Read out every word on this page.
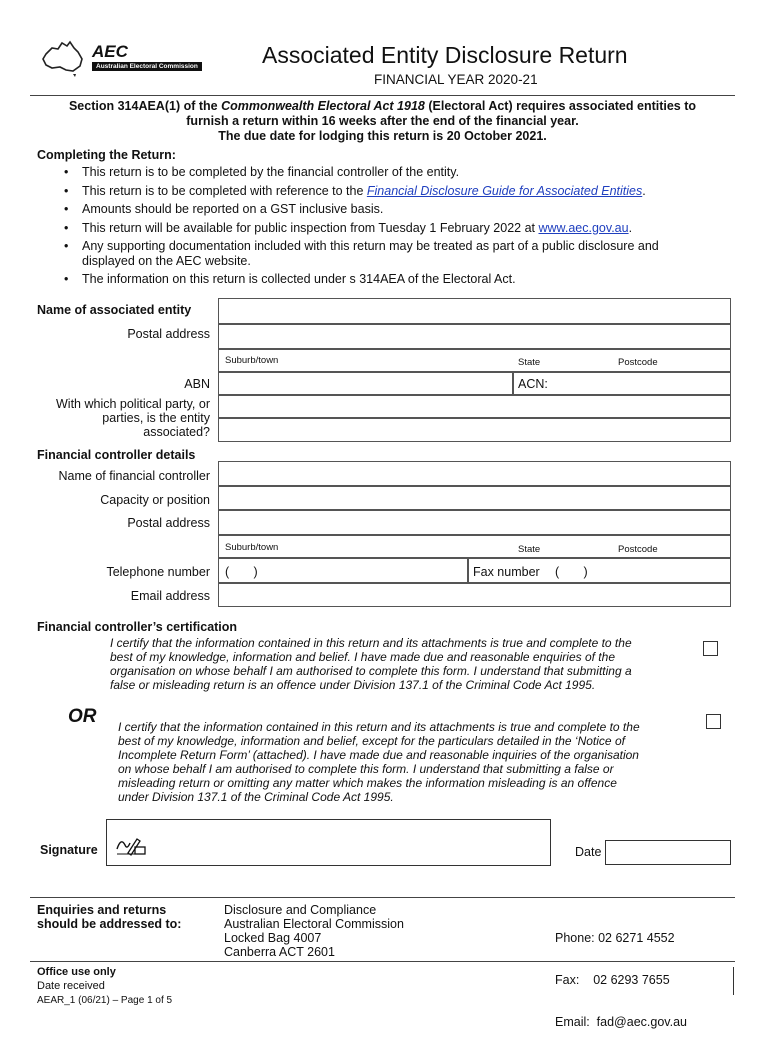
AEC
Australian Electoral Commission	Associated Entity Disclosure Return
FINANCIAL YEAR 2020-21
Section 314AEA(1) of the Commonwealth Electoral Act 1918 (Electoral Act) requires associated entities to
furnish a return within 16 weeks after the end of the financial year.
The due date for lodging this return is 20 October 2021.
Completing the Return:
• This return is to be completed by the financial controller of the entity.
• This return is to be completed with reference to the Financial Disclosure Guide for Associated Entities.
• Amounts should be reported on a GST inclusive basis.
• This return will be available for public inspection from Tuesday 1 February 2022 at www.aec.gov.au.
• Any supporting documentation included with this return may be treated as part of a public disclosure and
displayed on the AEC website.
• The information on this return is collected under s 314AEA of the Electoral Act.
Name of associated entity
Postal address
Suburb/town	State	Postcode
ABN	ACN:
With which political party, or
parties, is the entity
associated?
Financial controller details
Name of financial controller
Capacity or position
Postal address
Suburb/town	State	Postcode
Telephone number (       )	Fax number (       )
Email address
Financial controller’s certification
I certify that the information contained in this return and its attachments is true and complete to the
best of my knowledge, information and belief. I have made due and reasonable enquiries of the
organisation on whose behalf I am authorised to complete this form. I understand that submitting a
false or misleading return is an offence under Division 137.1 of the Criminal Code Act 1995.
OR I certify that the information contained in this return and its attachments is true and complete to the
best of my knowledge, information and belief, except for the particulars detailed in the ‘Notice of
Incomplete Return Form’ (attached). I have made due and reasonable inquiries of the organisation
on whose behalf I am authorised to complete this form. I understand that submitting a false or
misleading return or omitting any matter which makes the information misleading is an offence
under Division 137.1 of the Criminal Code Act 1995.
Signature	Date
Enquiries and returns
should be addressed to:
Disclosure and Compliance
Australian Electoral Commission
Locked Bag 4007
Canberra ACT 2601

Phone: 02 6271 4552

Fax:    02 6293 7655

Email:  fad@aec.gov.au

Office use only
Date received
AEAR_1 (06/21) – Page 1 of 5
